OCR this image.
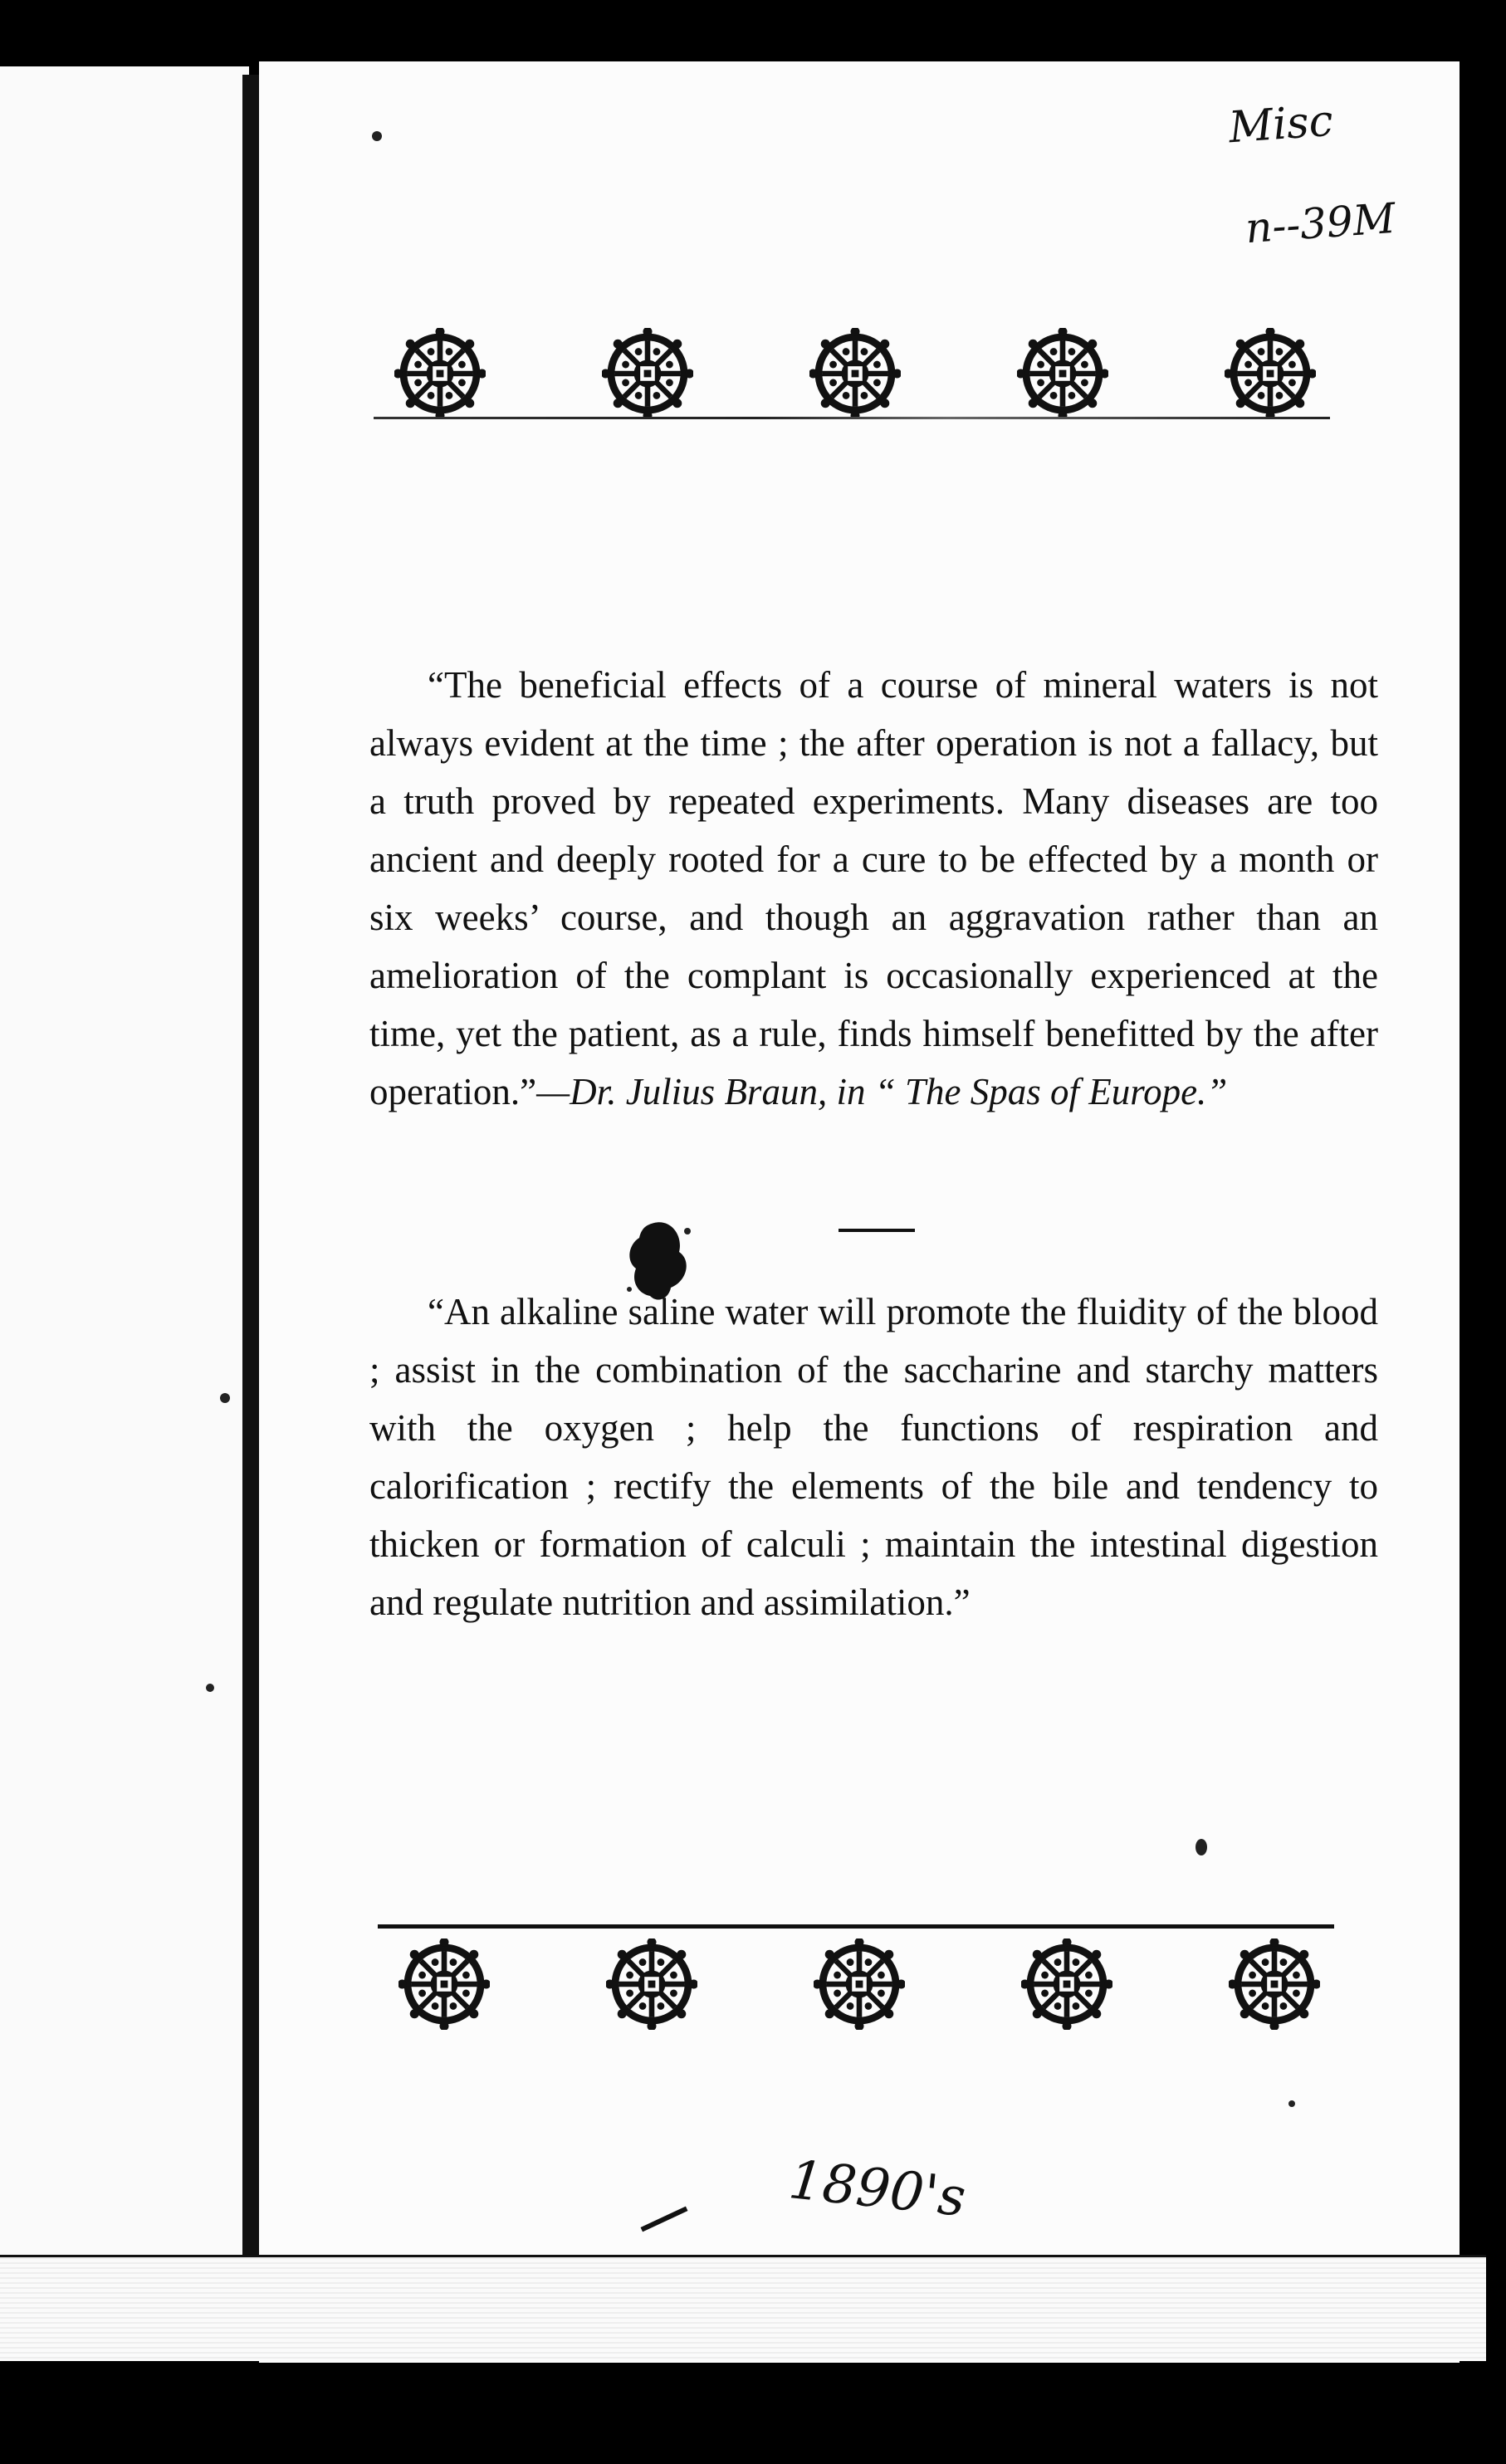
Misc
n--39M

“The beneficial effects of a course of mineral waters is not always evident at the time ; the after operation is not a fallacy, but a truth proved by repeated experiments. Many diseases are too ancient and deeply rooted for a cure to be effected by a month or six weeks’ course, and though an aggravation rather than an amelioration of the complant is occasionally experienced at the time, yet the patient, as a rule, finds himself benefitted by the after operation.”—Dr. Julius Braun, in “ The Spas of Europe.”

“An alkaline saline water will promote the fluidity of the blood ; assist in the combination of the saccharine and starchy matters with the oxygen ; help the functions of respiration and calorification ; rectify the elements of the bile and tendency to thicken or formation of calculi ; maintain the intestinal digestion and regulate nutrition and assimilation.”

1890's
